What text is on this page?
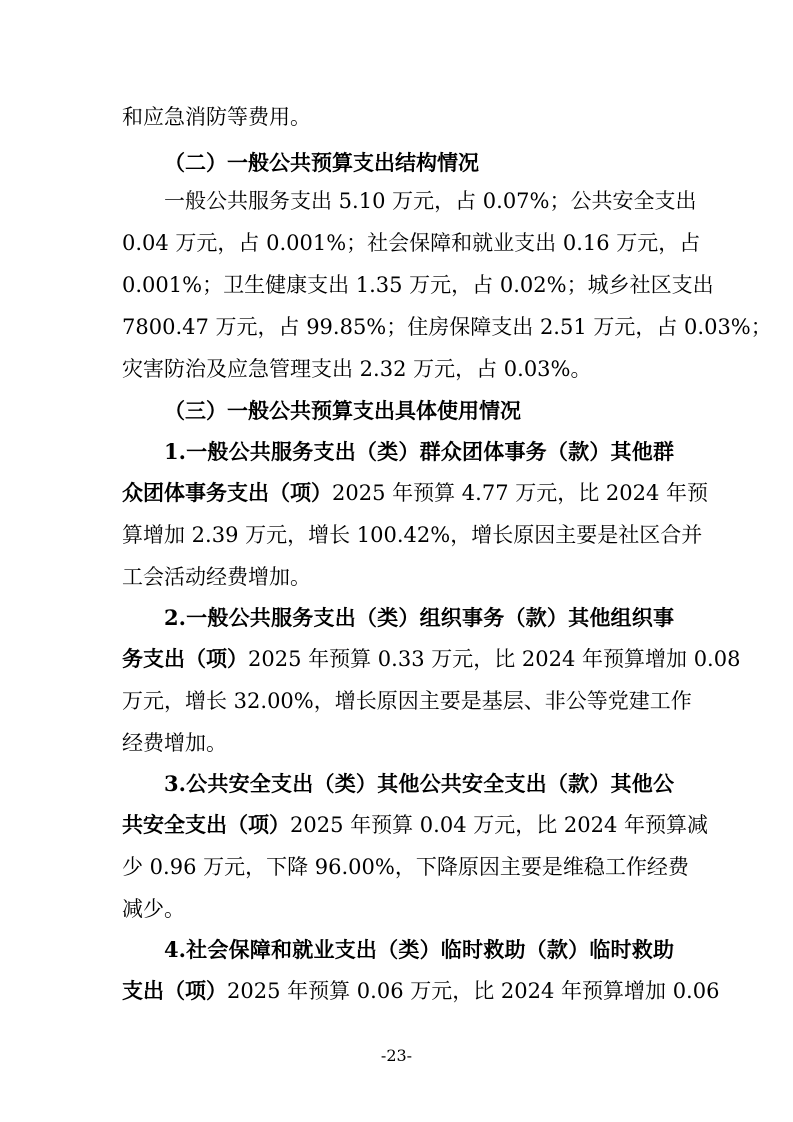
和应急消防等费用。
（二）一般公共预算支出结构情况
一般公共服务支出 5.10 万元，占 0.07%；公共安全支出
0.04 万元，占 0.001%；社会保障和就业支出 0.16 万元，占
0.001%；卫生健康支出 1.35 万元，占 0.02%；城乡社区支出
7800.47 万元，占 99.85%；住房保障支出 2.51 万元，占 0.03%；
灾害防治及应急管理支出 2.32 万元，占 0.03%。
（三）一般公共预算支出具体使用情况
1.一般公共服务支出（类）群众团体事务（款）其他群
众团体事务支出（项）2025 年预算 4.77 万元，比 2024 年预
算增加 2.39 万元，增长 100.42%，增长原因主要是社区合并
工会活动经费增加。
2.一般公共服务支出（类）组织事务（款）其他组织事
务支出（项）2025 年预算 0.33 万元，比 2024 年预算增加 0.08
万元，增长 32.00%，增长原因主要是基层、非公等党建工作
经费增加。
3.公共安全支出（类）其他公共安全支出（款）其他公
共安全支出（项）2025 年预算 0.04 万元，比 2024 年预算减
少 0.96 万元，下降 96.00%，下降原因主要是维稳工作经费
减少。
4.社会保障和就业支出（类）临时救助（款）临时救助
支出（项）2025 年预算 0.06 万元，比 2024 年预算增加 0.06
-23-
